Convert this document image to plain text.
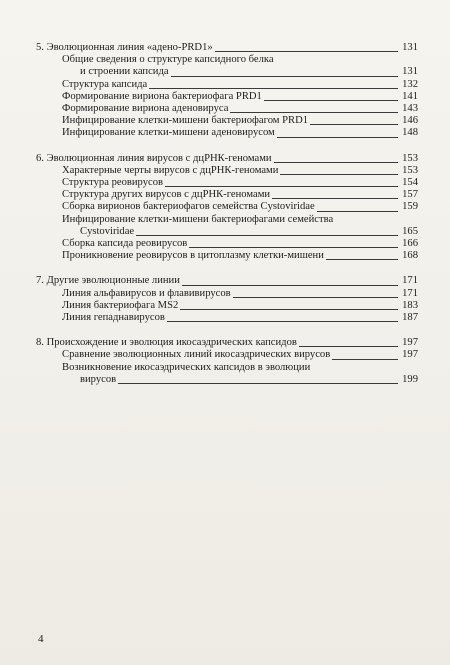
5. Эволюционная линия «адено-PRD1»	131
Общие сведения о структуре капсидного белка
и строении капсида	131
Структура капсида	132
Формирование вириона бактериофага PRD1	141
Формирование вириона аденовируса	143
Инфицирование клетки-мишени бактериофагом PRD1	146
Инфицирование клетки-мишени аденовирусом	148
6. Эволюционная линия вирусов с дцРНК-геномами	153
Характерные черты вирусов с дцРНК-геномами	153
Структура реовирусов	154
Структура других вирусов с дцРНК-геномами	157
Сборка вирионов бактериофагов семейства Cystoviridae	159
Инфицирование клетки-мишени бактериофагами семейства
Cystoviridae	165
Сборка капсида реовирусов	166
Проникновение реовирусов в цитоплазму клетки-мишени	168
7. Другие эволюционные линии	171
Линия альфавирусов и флавивирусов	171
Линия бактериофага MS2	183
Линия гепаднавирусов	187
8. Происхождение и эволюция икосаэдрических капсидов	197
Сравнение эволюционных линий икосаэдрических вирусов	197
Возникновение икосаэдрических капсидов в эволюции
вирусов	199
4
